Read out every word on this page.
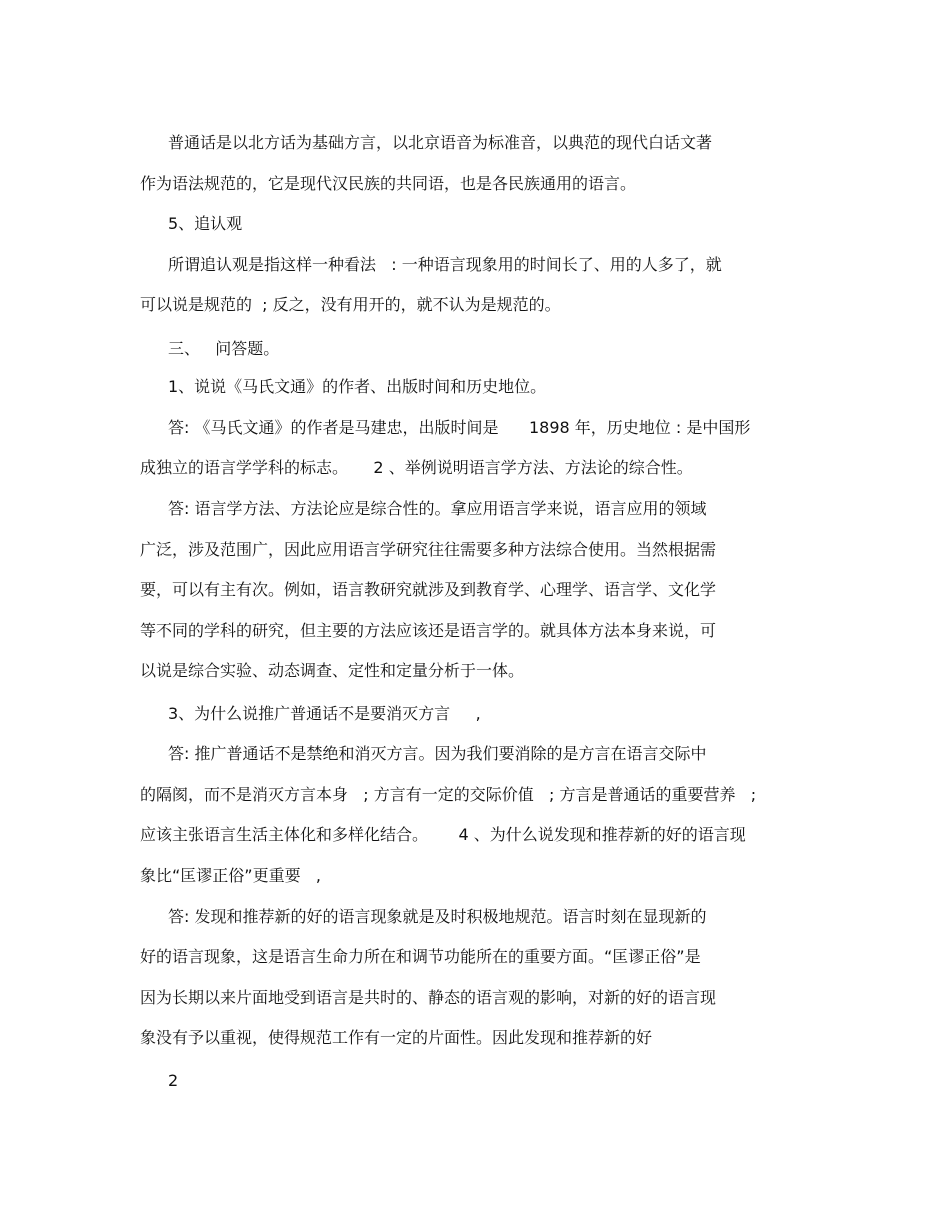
普通话是以北方话为基础方言，以北京语音为标准音，以典范的现代白话文著
作为语法规范的，它是现代汉民族的共同语，也是各民族通用的语言。
5、追认观
所谓追认观是指这样一种看法   : 一种语言现象用的时间长了、用的人多了，就
可以说是规范的  ; 反之，没有用开的，就不认为是规范的。
三、   问答题。
1、说说《马氏文通》的作者、出版时间和历史地位。
答: 《马氏文通》的作者是马建忠，出版时间是      1898 年，历史地位 : 是中国形
成独立的语言学学科的标志。     2 、举例说明语言学方法、方法论的综合性。
答: 语言学方法、方法论应是综合性的。拿应用语言学来说，语言应用的领域
广泛，涉及范围广，因此应用语言学研究往往需要多种方法综合使用。当然根据需
要，可以有主有次。例如，语言教研究就涉及到教育学、心理学、语言学、文化学
等不同的学科的研究，但主要的方法应该还是语言学的。就具体方法本身来说，可
以说是综合实验、动态调查、定性和定量分析于一体。
3、为什么说推广普通话不是要消灭方言     ,
答: 推广普通话不是禁绝和消灭方言。因为我们要消除的是方言在语言交际中
的隔阂，而不是消灭方言本身   ; 方言有一定的交际价值   ; 方言是普通话的重要营养   ;
应该主张语言生活主体化和多样化结合。      4 、为什么说发现和推荐新的好的语言现
象比“匡谬正俗”更重要   ,
答: 发现和推荐新的好的语言现象就是及时积极地规范。语言时刻在显现新的
好的语言现象，这是语言生命力所在和调节功能所在的重要方面。“匡谬正俗”是
因为长期以来片面地受到语言是共时的、静态的语言观的影响，对新的好的语言现
象没有予以重视，使得规范工作有一定的片面性。因此发现和推荐新的好
2
